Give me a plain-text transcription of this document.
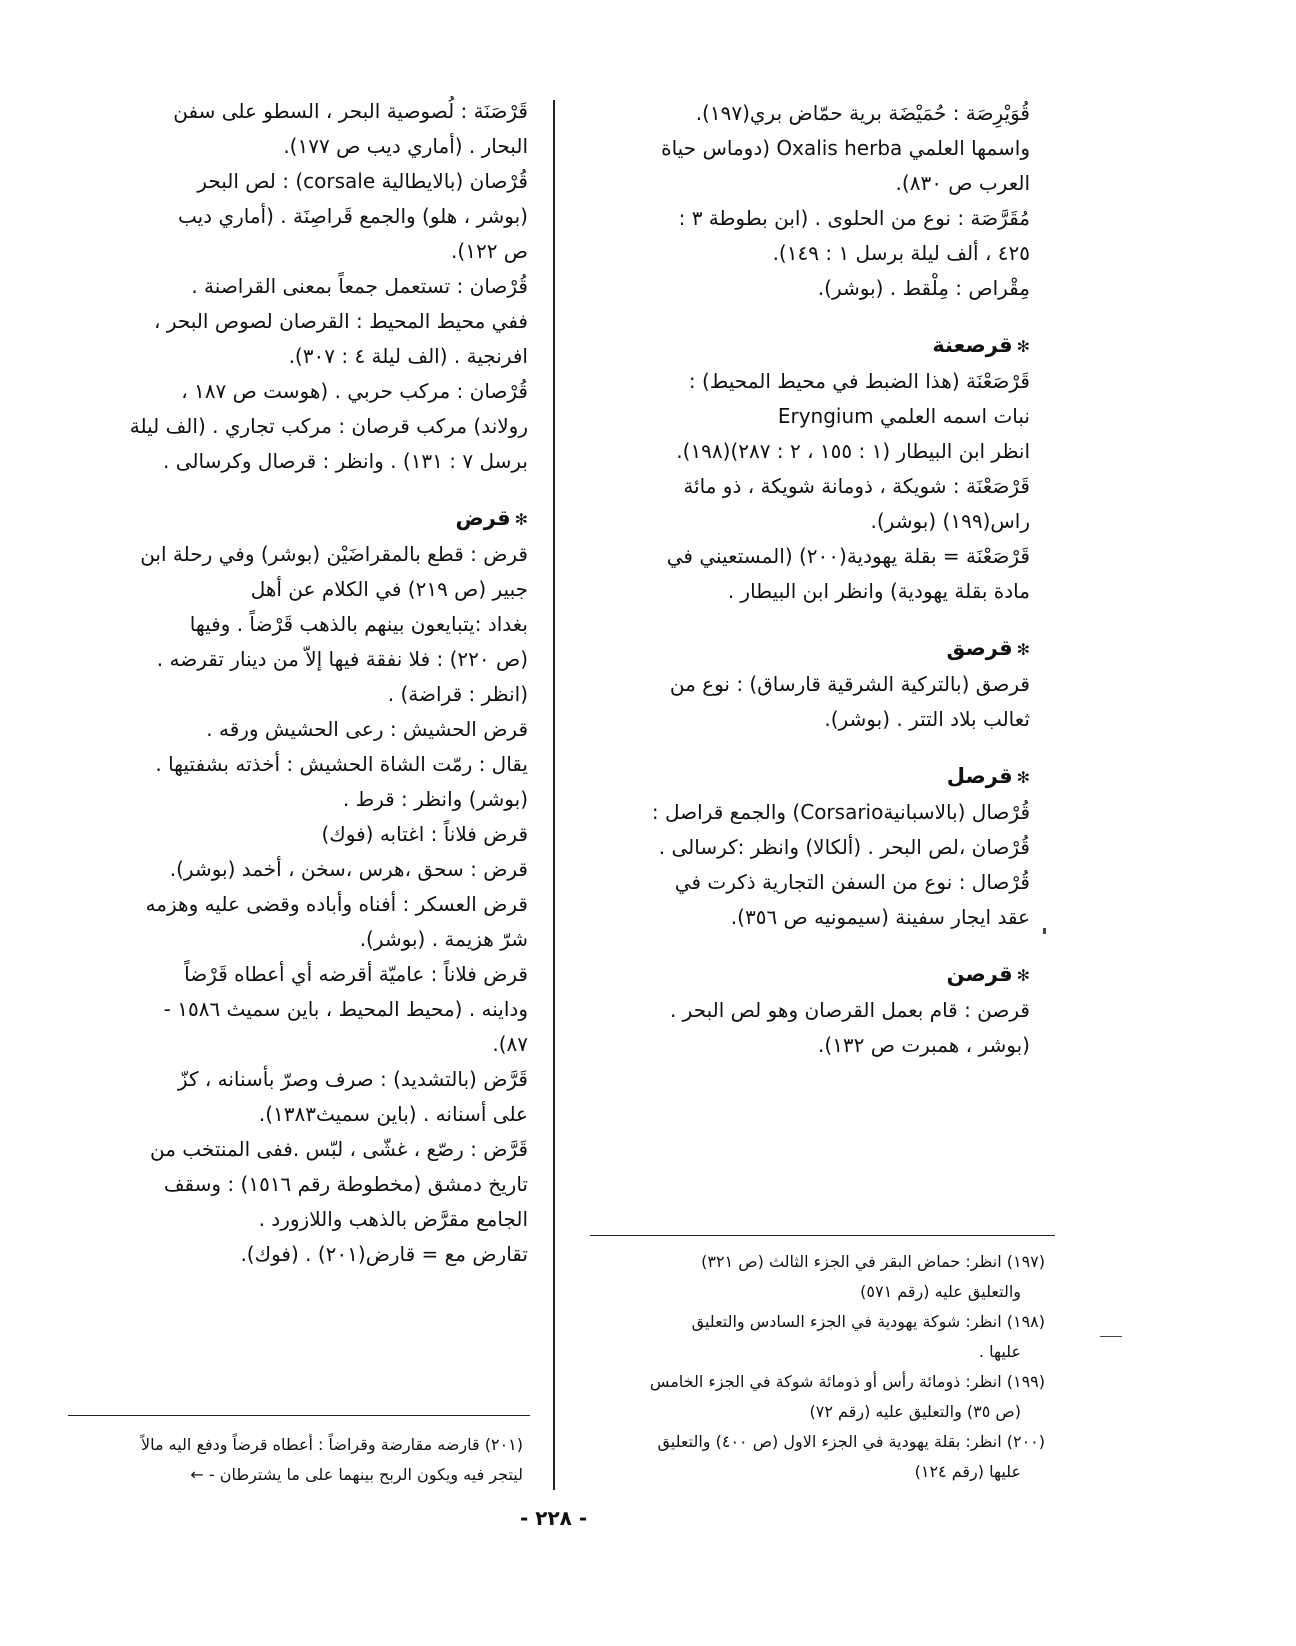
قُوَيْرِصَة : حُمَيْضَة برية حمّاض بري(١٩٧).
واسمها العلمي Oxalis herba (دوماس حياة
العرب ص ٨٣٠).
مُقَرَّصَة : نوع من الحلوى . (ابن بطوطة ٣ :
٤٢٥ ، ألف ليلة برسل ١ : ١٤٩).
مِقْراص : مِلْقط . (بوشر).
✻ قرصعنة
قَرْصَعْنَة (هذا الضبط في محيط المحيط) :
نبات اسمه العلمي Eryngium
انظر ابن البيطار (١ : ١٥٥ ، ٢ : ٢٨٧)(١٩٨).
قَرْصَعْنَة : شويكة ، ذومانة شويكة ، ذو مائة
راس(١٩٩) (بوشر).
قَرْصَعْنَة = بقلة يهودية(٢٠٠) (المستعيني في
مادة بقلة يهودية) وانظر ابن البيطار .
✻ قرصق
قرصق (بالتركية الشرقية قارساق) : نوع من
ثعالب بلاد التتر . (بوشر).
✻ قرصل
قُرْصال (بالاسبانيةCorsario) والجمع قراصل :
قُرْصان ،لص البحر . (ألكالا) وانظر :كرسالى .
قُرْصال : نوع من السفن التجارية ذكرت في
عقد ايجار سفينة (سيمونيه ص ٣٥٦).
✻ قرصن
قرصن : قام بعمل القرصان وهو لص البحر .
(بوشر ، همبرت ص ١٣٢).
قَرْصَنَة : لُصوصية البحر ، السطو على سفن
البحار . (أماري ديب ص ١٧٧).
قُرْصان (بالايطالية corsale) : لص البحر
(بوشر ، هلو) والجمع قَراصِنَة . (أماري ديب
ص ١٢٢).
قُرْصان : تستعمل جمعاً بمعنى القراصنة .
ففي محيط المحيط : القرصان لصوص البحر ،
افرنجية . (الف ليلة ٤ : ٣٠٧).
قُرْصان : مركب حربي . (هوست ص ١٨٧ ،
رولاند) مركب قرصان : مركب تجاري . (الف ليلة
برسل ٧ : ١٣١) . وانظر : قرصال وكرسالى .
✻ قرض
قرض : قطع بالمقراضَيْن (بوشر) وفي رحلة ابن
جبير (ص ٢١٩) في الكلام عن أهل
بغداد :يتبايعون بينهم بالذهب قَرْضاً . وفيها
(ص ٢٢٠) : فلا نفقة فيها إلاّ من دينار تقرضه .
(انظر : قراضة) .
قرض الحشيش : رعى الحشيش ورقه .
يقال : رمّت الشاة الحشيش : أخذته بشفتيها .
(بوشر) وانظر : قرط .
قرض فلاناً : اغتابه (فوك)
قرض : سحق ،هرس ،سخن ، أخمد (بوشر).
قرض العسكر : أفناه وأباده وقضى عليه وهزمه
شرّ هزيمة . (بوشر).
قرض فلاناً : عاميّة أقرضه أي أعطاه قَرْضاً
وداينه . (محيط المحيط ، باين سميث ١٥٨٦ -
٨٧).
قَرَّض (بالتشديد) : صرف وصرّ بأسنانه ، كزّ
على أسنانه . (باين سميث١٣٨٣).
قَرَّض : رصّع ، غشّى ، لبّس .ففى المنتخب من
تاريخ دمشق (مخطوطة رقم ١٥١٦) : وسقف
الجامع مقرَّض بالذهب واللازورد .
تقارض مع = قارض(٢٠١) . (فوك).	(١٩٧) انظر: حماض البقر في الجزء الثالث (ص ٣٢١)
والتعليق عليه (رقم ٥٧١)
(١٩٨) انظر: شوكة يهودية في الجزء السادس والتعليق
عليها .
(١٩٩) انظر: ذومائة رأس أو ذومائة شوكة في الجزء الخامس
(ص ٣٥) والتعليق عليه (رقم ٧٢)
(٢٠٠) انظر: بقلة يهودية في الجزء الاول (ص ٤٠٠) والتعليق
عليها (رقم ١٢٤)
(٢٠١) قارضه مقارضة وقراضاً : أعطاه قرضاً ودفع اليه مالاً
ليتجر فيه ويكون الربح بينهما على ما يشترطان - ←
- ٢٢٨ -
